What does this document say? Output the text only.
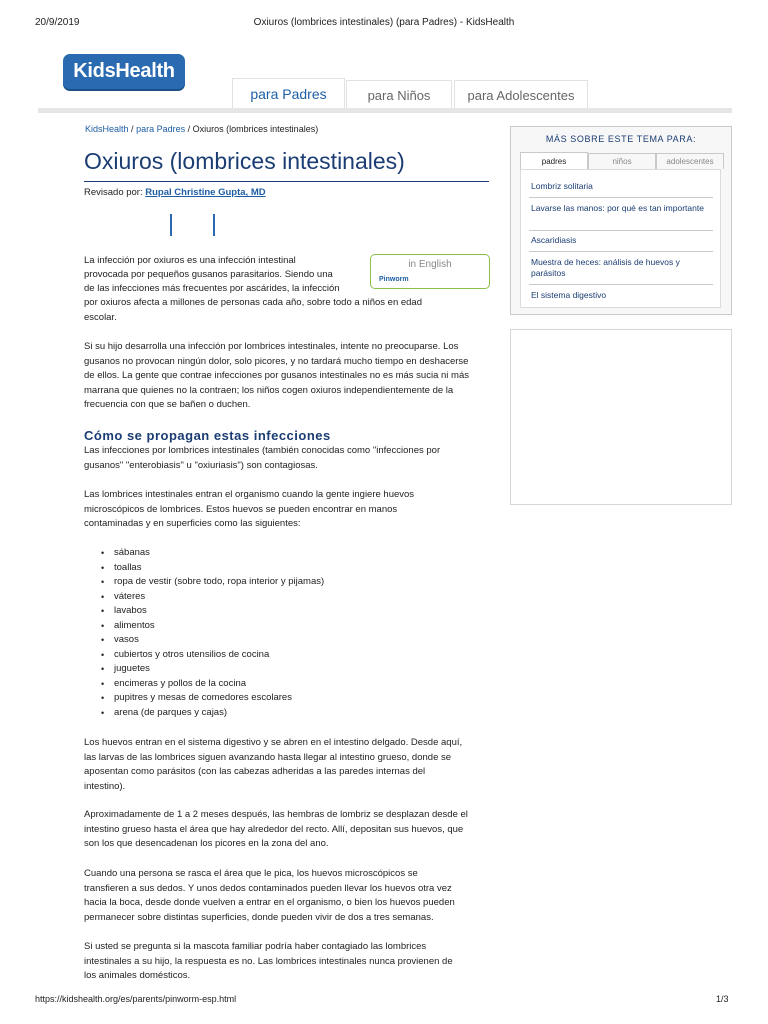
20/9/2019	Oxiuros (lombrices intestinales) (para Padres) - KidsHealth
KidsHealth
para Padres	para Niños	para Adolescentes
KidsHealth / para Padres / Oxiuros (lombrices intestinales)
Oxiuros (lombrices intestinales)
Revisado por: Rupal Christine Gupta, MD
in English
Pinworm

La infección por oxiuros es una infección intestinal

provocada por pequeños gusanos parasitarios. Siendo una

de las infecciones más frecuentes por ascárides, la infección

por oxiuros afecta a millones de personas cada año, sobre todo a niños en edad

escolar.

Si su hijo desarrolla una infección por lombrices intestinales, intente no preocuparse. Los gusanos no provocan ningún dolor, solo picores, y no tardará mucho tiempo en deshacerse de ellos. La gente que contrae infecciones por gusanos intestinales no es más sucia ni más marrana que quienes no la contraen; los niños cogen oxiuros independientemente de la frecuencia con que se bañen o duchen.

Cómo se propagan estas infecciones

Las infecciones por lombrices intestinales (también conocidas como "infecciones por gusanos" "enterobiasis" u "oxiuriasis") son contagiosas.

Las lombrices intestinales entran el organismo cuando la gente ingiere huevos microscópicos de lombrices. Estos huevos se pueden encontrar en manos contaminadas y en superficies como las siguientes:

• sábanas
• toallas
• ropa de vestir (sobre todo, ropa interior y pijamas)
• váteres
• lavabos
• alimentos
• vasos
• cubiertos y otros utensilios de cocina
• juguetes
• encimeras y pollos de la cocina
• pupitres y mesas de comedores escolares
• arena (de parques y cajas)

Los huevos entran en el sistema digestivo y se abren en el intestino delgado. Desde aquí, las larvas de las lombrices siguen avanzando hasta llegar al intestino grueso, donde se aposentan como parásitos (con las cabezas adheridas a las paredes internas del intestino).

Aproximadamente de 1 a 2 meses después, las hembras de lombriz se desplazan desde el intestino grueso hasta el área que hay alrededor del recto. Allí, depositan sus huevos, que son los que desencadenan los picores en la zona del ano.

Cuando una persona se rasca el área que le pica, los huevos microscópicos se transfieren a sus dedos. Y unos dedos contaminados pueden llevar los huevos otra vez hacia la boca, desde donde vuelven a entrar en el organismo, o bien los huevos pueden permanecer sobre distintas superficies, donde pueden vivir de dos a tres semanas.

Si usted se pregunta si la mascota familiar podría haber contagiado las lombrices intestinales a su hijo, la respuesta es no. Las lombrices intestinales nunca provienen de los animales domésticos.

MÁS SOBRE ESTE TEMA PARA:
padres	niños	adolescentes
Lombriz solitaria
Lavarse las manos: por qué es tan importante
Ascaridiasis
Muestra de heces: análisis de huevos y parásitos
El sistema digestivo
https://kidshealth.org/es/parents/pinworm-esp.html	1/3
